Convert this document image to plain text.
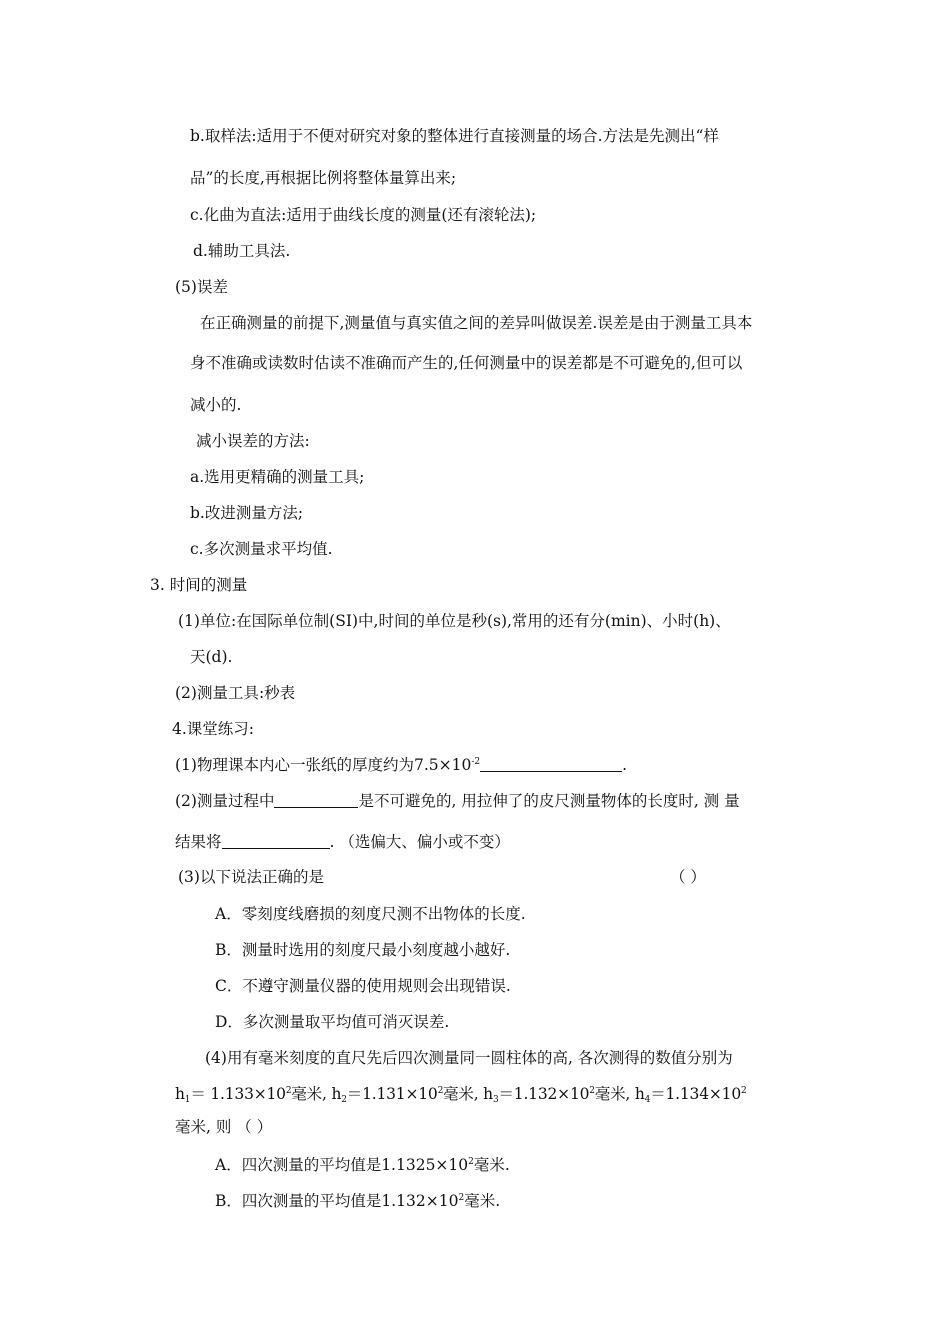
b.取样法:适用于不便对研究对象的整体进行直接测量的场合.方法是先测出“样
品”的长度,再根据比例将整体量算出来;
c.化曲为直法:适用于曲线长度的测量(还有滚轮法);
d.辅助工具法.
(5)误差
在正确测量的前提下,测量值与真实值之间的差异叫做误差.误差是由于测量工具本
身不准确或读数时估读不准确而产生的,任何测量中的误差都是不可避免的,但可以
减小的.
减小误差的方法:
a.选用更精确的测量工具;
b.改进测量方法;
c.多次测量求平均值.
3. 时间的测量
(1)单位:在国际单位制(SI)中,时间的单位是秒(s),常用的还有分(min)、小时(h)、
天(d).
(2)测量工具:秒表
4.课堂练习:
(1)物理课本内心一张纸的厚度约为$7.5\times 10^{-2}$	.
(2)测量过程中	是不可避免的, 用拉伸了的皮尺测量物体的长度时, 测 量
结果将	. （选偏大、偏小或不变）
(3)以下说法正确的是	（ ）
A．零刻度线磨损的刻度尺测不出物体的长度.
B．测量时选用的刻度尺最小刻度越小越好.
C．不遵守测量仪器的使用规则会出现错误.
D．多次测量取平均值可消灭误差.
(4)用有毫米刻度的直尺先后四次测量同一圆柱体的高, 各次测得的数值分别为
$h_1= 1.133\times 10^2$毫米, $h_2=1.131\times 10^2$毫米, $h_3=1.132\times 10^2$毫米, $h_4=1.134\times 10^2$
毫米, 则 （ ）
A．四次测量的平均值是$1.1325\times 10^2$毫米.
B．四次测量的平均值是$1.132\times 10^2$毫米.
